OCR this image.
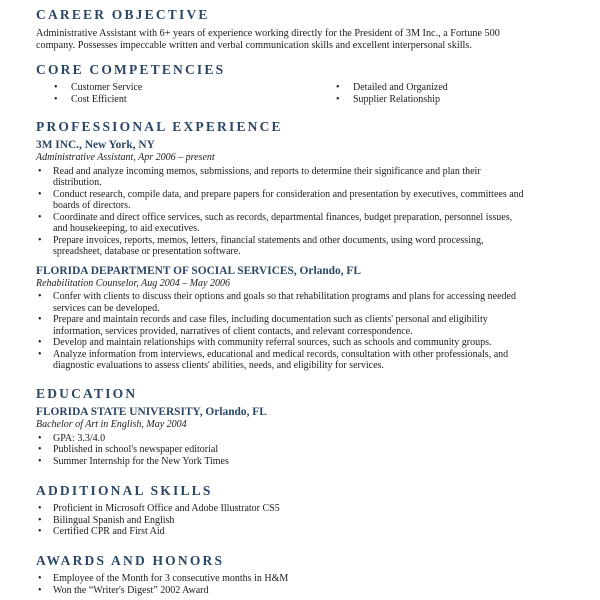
CAREER OBJECTIVE

Administrative Assistant with 6+ years of experience working directly for the President of 3M Inc., a Fortune 500
company. Possesses impeccable written and verbal communication skills and excellent interpersonal skills.

CORE COMPETENCIES
• Customer Service
• Cost Efficient
• Detailed and Organized
• Supplier Relationship
PROFESSIONAL EXPERIENCE

3M INC., New York, NY

Administrative Assistant, Apr 2006 – present

• Read and analyze incoming memos, submissions, and reports to determine their significance and plan their
distribution.
• Conduct research, compile data, and prepare papers for consideration and presentation by executives, committees and
boards of directors.
• Coordinate and direct office services, such as records, departmental finances, budget preparation, personnel issues,
and housekeeping, to aid executives.
• Prepare invoices, reports, memos, letters, financial statements and other documents, using word processing,
spreadsheet, database or presentation software.

FLORIDA DEPARTMENT OF SOCIAL SERVICES, Orlando, FL

Rehabilitation Counselor, Aug 2004 – May 2006

• Confer with clients to discuss their options and goals so that rehabilitation programs and plans for accessing needed
services can be developed.
• Prepare and maintain records and case files, including documentation such as clients' personal and eligibility
information, services provided, narratives of client contacts, and relevant correspondence.
• Develop and maintain relationships with community referral sources, such as schools and community groups.
• Analyze information from interviews, educational and medical records, consultation with other professionals, and
diagnostic evaluations to assess clients' abilities, needs, and eligibility for services.
EDUCATION

FLORIDA STATE UNIVERSITY, Orlando, FL

Bachelor of Art in English, May 2004

• GPA: 3.3/4.0
• Published in school's newspaper editorial
• Summer Internship for the New York Times
ADDITIONAL SKILLS
• Proficient in Microsoft Office and Adobe Illustrator CS5
• Bilingual Spanish and English
• Certified CPR and First Aid
AWARDS AND HONORS
• Employee of the Month for 3 consecutive months in H&M
• Won the “Writer's Digest” 2002 Award
